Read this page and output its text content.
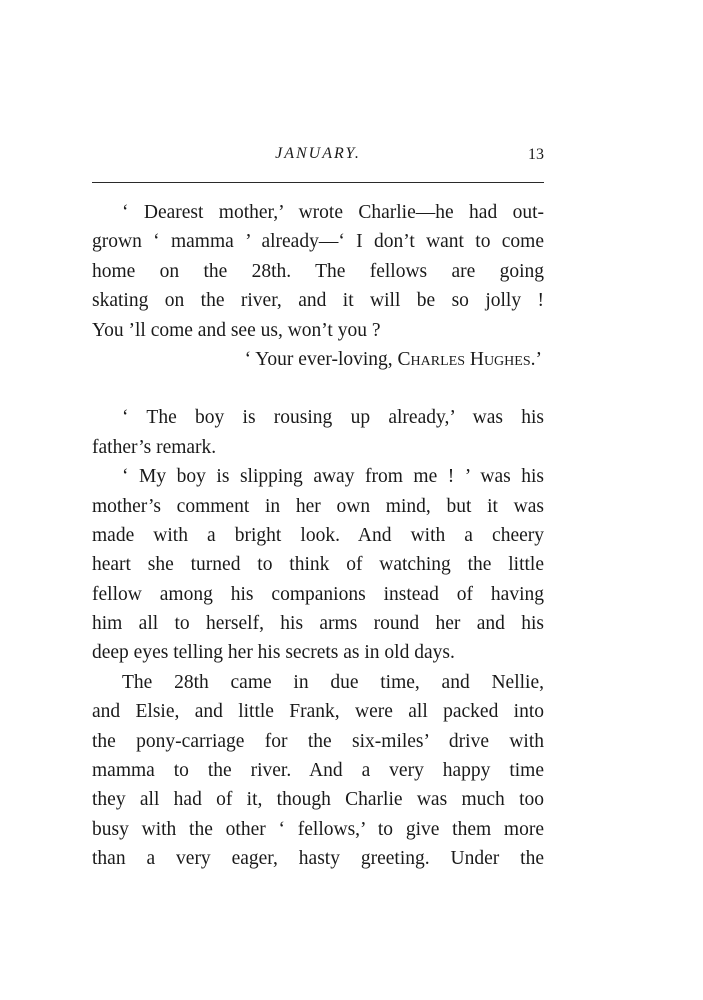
JANUARY.	13
‘ Dearest mother,’ wrote Charlie—he had out-
grown ‘ mamma ’ already—‘ I don’t want to come
home on the 28th. The fellows are going
skating on the river, and it will be so jolly !
You ’ll come and see us, won’t you ?
‘ Your ever-loving, Charles Hughes.’
‘ The boy is rousing up already,’ was his
father’s remark.
‘ My boy is slipping away from me ! ’ was his
mother’s comment in her own mind, but it was
made with a bright look. And with a cheery
heart she turned to think of watching the little
fellow among his companions instead of having
him all to herself, his arms round her and his
deep eyes telling her his secrets as in old days.
The 28th came in due time, and Nellie,
and Elsie, and little Frank, were all packed into
the pony-carriage for the six-miles’ drive with
mamma to the river. And a very happy time
they all had of it, though Charlie was much too
busy with the other ‘ fellows,’ to give them more
than a very eager, hasty greeting. Under the
